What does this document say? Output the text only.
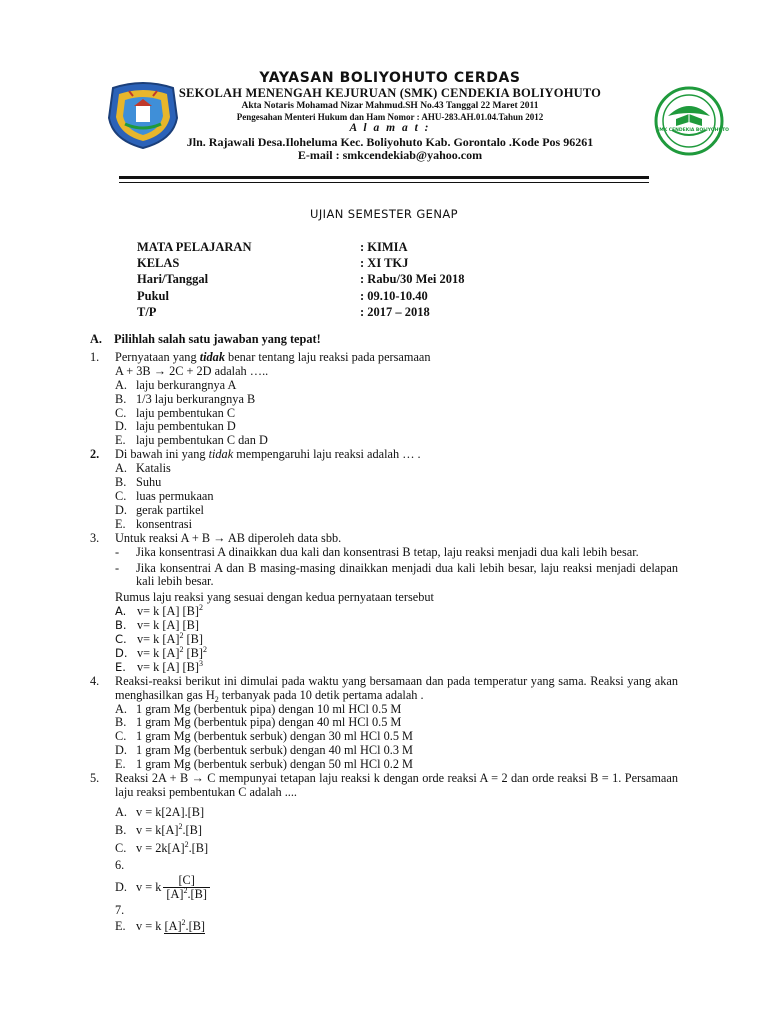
SMK CENDEKIA BOLIYOHUTO
YAYASAN BOLIYOHUTO CERDAS
SEKOLAH MENENGAH KEJURUAN (SMK) CENDEKIA BOLIYOHUTO
Akta Notaris Mohamad Nizar Mahmud.SH No.43 Tanggal 22 Maret 2011
Pengesahan Menteri Hukum dan Ham Nomor : AHU-283.AH.01.04.Tahun 2012
A l a m a t :
Jln. Rajawali Desa.Iloheluma Kec. Boliyohuto Kab. Gorontalo .Kode Pos 96261
E-mail : smkcendekiab@yahoo.com
UJIAN SEMESTER GENAP
MATA PELAJARAN	: KIMIA
KELAS	: XI TKJ
Hari/Tanggal	: Rabu/30 Mei 2018
Pukul	: 09.10-10.40
T/P	: 2017 – 2018
A. Pilihlah salah satu jawaban yang tepat!
1.	Pernyataan yang tidak benar tentang laju reaksi pada persamaan
A + 3B → 2C + 2D adalah …..
A. laju berkurangnya A
B. 1/3 laju berkurangnya B
C. laju pembentukan C
D. laju pembentukan D
E. laju pembentukan C dan D
2.	Di bawah ini yang tidak mempengaruhi laju reaksi adalah … .
A. Katalis
B. Suhu
C. luas permukaan
D. gerak partikel
E. konsentrasi
3.	Untuk reaksi A + B → AB diperoleh data sbb.
-	Jika konsentrasi A dinaikkan dua kali dan konsentrasi B tetap, laju reaksi menjadi dua kali lebih besar.
-	Jika konsentrai A dan B masing-masing dinaikkan menjadi dua kali lebih besar, laju reaksi menjadi delapan kali lebih besar.
Rumus laju reaksi yang sesuai dengan kedua pernyataan tersebut
A. v= k [A] $[B]^2$
B. v= k [A] [B]
C. v= k $[A]^2$ [B]
D. v= k $[A]^2$ $[B]^2$
E. v= k [A] $[B]^3$
4.	Reaksi-reaksi berikut ini dimulai pada waktu yang bersamaan dan pada temperatur yang sama. Reaksi yang akan menghasilkan gas $H_2$ terbanyak pada 10 detik pertama adalah .
A. 1 gram Mg (berbentuk pipa) dengan 10 ml HCl 0.5 M
B. 1 gram Mg (berbentuk pipa) dengan 40 ml HCl 0.5 M
C. 1 gram Mg (berbentuk serbuk) dengan 30 ml HCl 0.5 M
D. 1 gram Mg (berbentuk serbuk) dengan 40 ml HCl 0.3 M
E. 1 gram Mg (berbentuk serbuk) dengan 50 ml HCl 0.2 M
5.	Reaksi 2A + B → C mempunyai tetapan laju reaksi k dengan orde reaksi A = 2 dan orde reaksi B = 1. Persamaan laju reaksi pembentukan C adalah ....
A. v = k[2A].[B]
B. $v = k[A]^2.[B]$
C. $v = 2k[A]^2.[B]$
6.
D. v = k $\frac{[C]}{[A]^2.[B]}$
7.
E. v = k $[A]^2.[B]$
